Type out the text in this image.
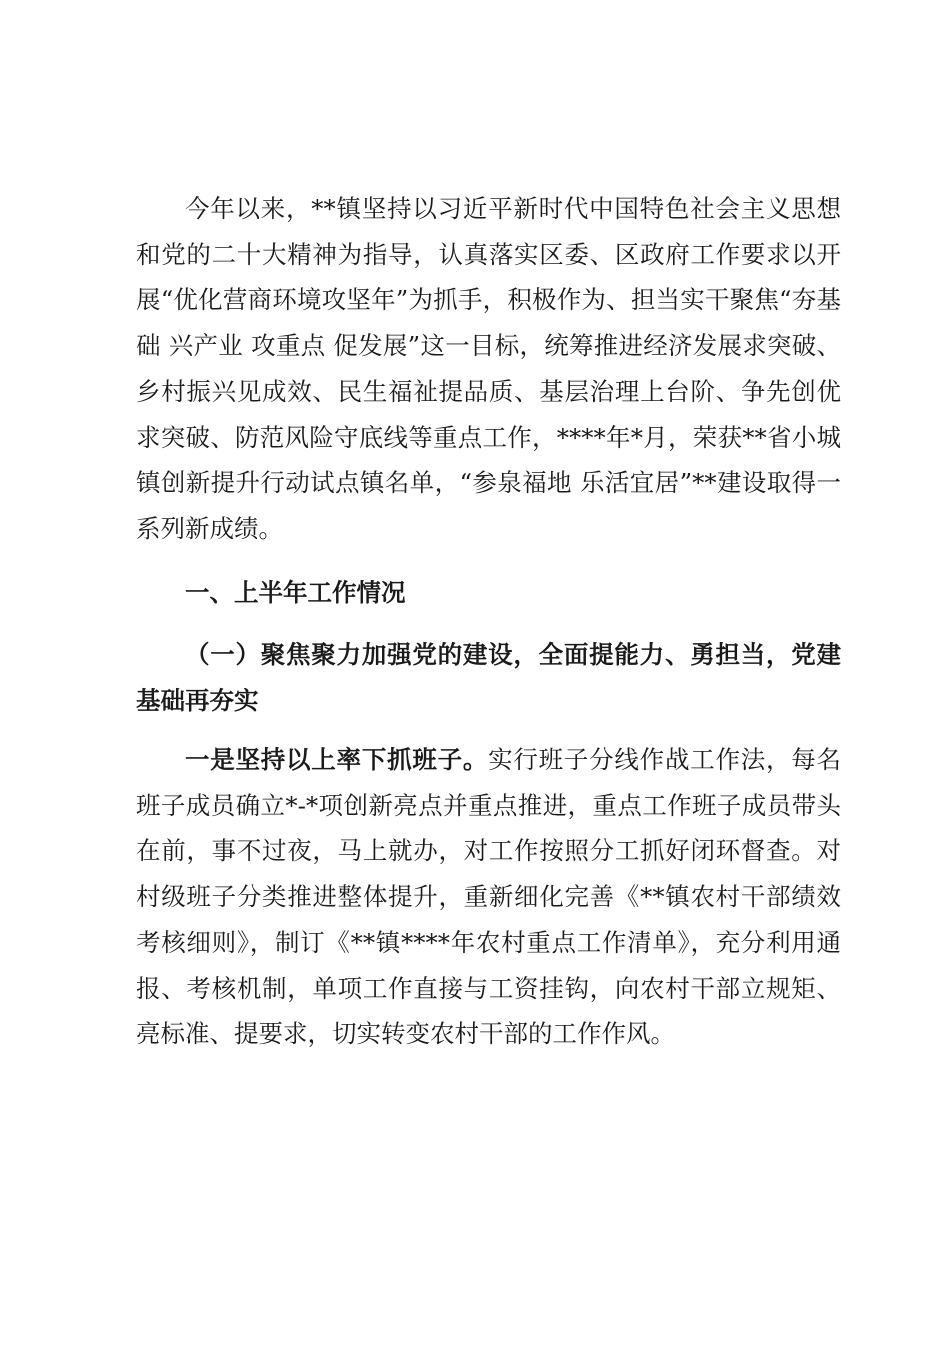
今年以来，**镇坚持以习近平新时代中国特色社会主义思想和党的二十大精神为指导，认真落实区委、区政府工作要求以开展“优化营商环境攻坚年”为抓手，积极作为、担当实干聚焦“夯基础 兴产业 攻重点 促发展”这一目标，统筹推进经济发展求突破、乡村振兴见成效、民生福祉提品质、基层治理上台阶、争先创优求突破、防范风险守底线等重点工作，****年*月，荣获**省小城镇创新提升行动试点镇名单，“参泉福地 乐活宜居”**建设取得一系列新成绩。

一、上半年工作情况

（一）聚焦聚力加强党的建设，全面提能力、勇担当，党建基础再夯实

一是坚持以上率下抓班子。实行班子分线作战工作法，每名班子成员确立*-*项创新亮点并重点推进，重点工作班子成员带头在前，事不过夜，马上就办，对工作按照分工抓好闭环督查。对村级班子分类推进整体提升，重新细化完善《**镇农村干部绩效考核细则》，制订《**镇****年农村重点工作清单》，充分利用通报、考核机制，单项工作直接与工资挂钩，向农村干部立规矩、亮标准、提要求，切实转变农村干部的工作作风。
